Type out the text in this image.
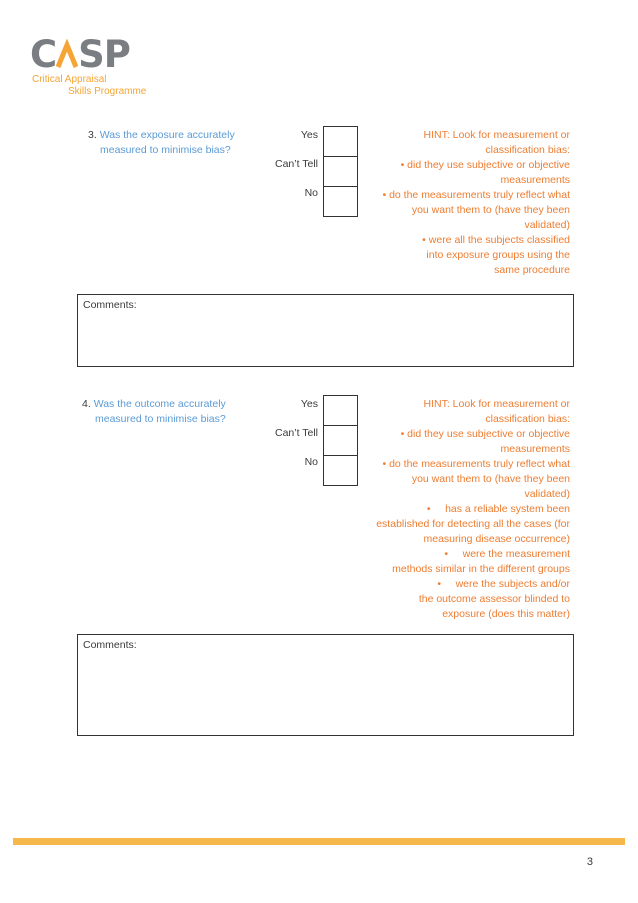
C SP
Critical Appraisal
Skills Programme
3. Was the exposure accurately
measured to minimise bias?
Yes
Can’t Tell
No

HINT: Look for measurement or

classification bias:

• did they use subjective or objective

measurements

• do the measurements truly reflect what

you want them to (have they been

validated)

• were all the subjects classified

into exposure groups using the

same procedure

Comments:
4. Was the outcome accurately
measured to minimise bias?
Yes
Can’t Tell
No

HINT: Look for measurement or

classification bias:

• did they use subjective or objective

measurements

• do the measurements truly reflect what

you want them to (have they been

validated)

•     has a reliable system been

established for detecting all the cases (for

measuring disease occurrence)

•     were the measurement

methods similar in the different groups

•     were the subjects and/or

the outcome assessor blinded to

exposure (does this matter)

Comments:
3
